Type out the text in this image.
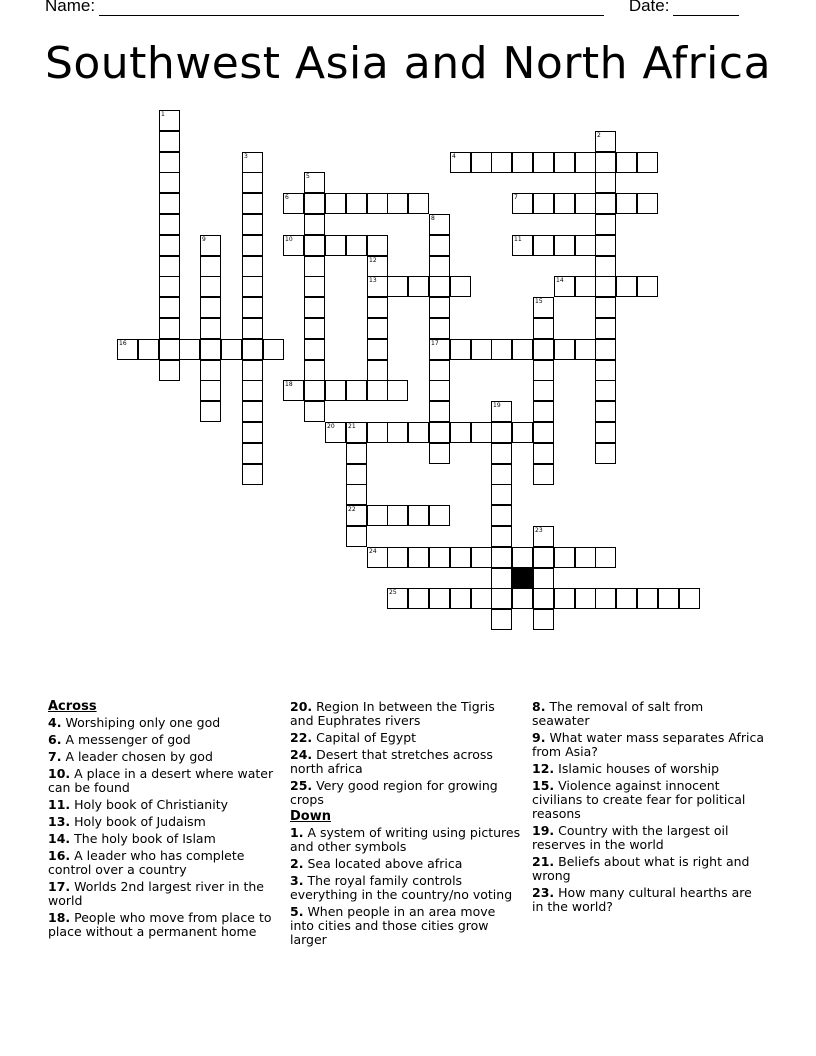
Name:	Date:
Southwest Asia and North Africa
1
2
3	4
5
6	7
8
17
9	10	11
12
13	14
15
16
18
19
20 21
22
23
24
25
Across
4. Worshiping only one god
6. A messenger of god
7. A leader chosen by god
10. A place in a desert where water can be found
11. Holy book of Christianity
13. Holy book of Judaism
14. The holy book of Islam
16. A leader who has complete control over a country
17. Worlds 2nd largest river in the world
18. People who move from place to place without a permanent home
20. Region In between the Tigris and Euphrates rivers
22. Capital of Egypt
24. Desert that stretches across north africa
25. Very good region for growing crops
Down
1. A system of writing using pictures and other symbols
2. Sea located above africa
3. The royal family controls everything in the country/no voting
5. When people in an area move into cities and those cities grow larger
8. The removal of salt from seawater
9. What water mass separates Africa from Asia?
12. Islamic houses of worship
15. Violence against innocent civilians to create fear for political reasons
19. Country with the largest oil reserves in the world
21. Beliefs about what is right and wrong
23. How many cultural hearths are in the world?
